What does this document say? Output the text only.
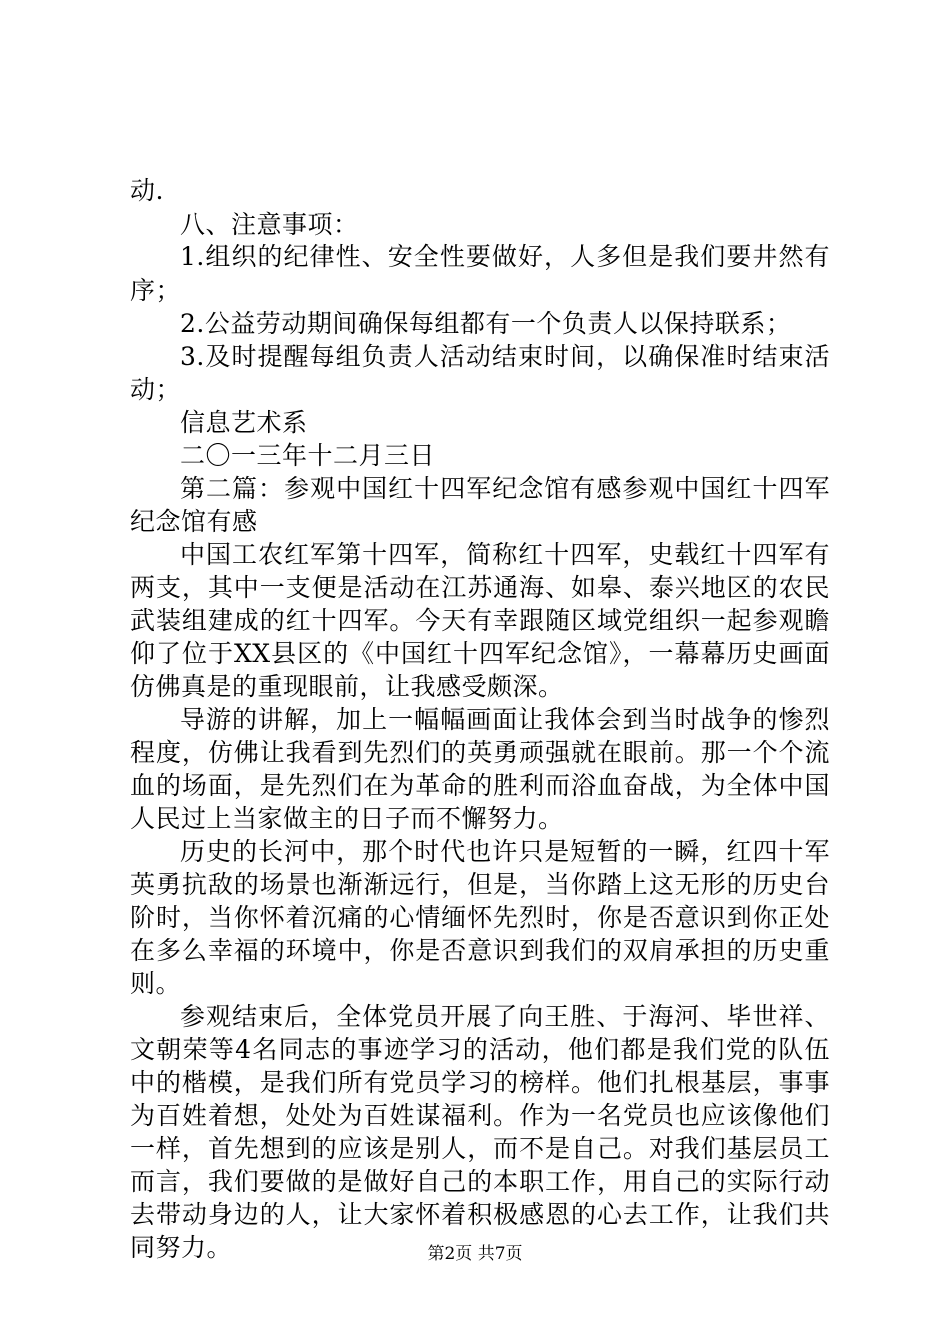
动.
八、注意事项：
1.组织的纪律性、安全性要做好，人多但是我们要井然有
序；
2.公益劳动期间确保每组都有一个负责人以保持联系；
3.及时提醒每组负责人活动结束时间，以确保准时结束活
动；
信息艺术系
二〇一三年十二月三日
第二篇：参观中国红十四军纪念馆有感参观中国红十四军
纪念馆有感
中国工农红军第十四军，简称红十四军，史载红十四军有
两支，其中一支便是活动在江苏通海、如皋、泰兴地区的农民
武装组建成的红十四军。今天有幸跟随区域党组织一起参观瞻
仰了位于XX县区的《中国红十四军纪念馆》，一幕幕历史画面
仿佛真是的重现眼前，让我感受颇深。
导游的讲解，加上一幅幅画面让我体会到当时战争的惨烈
程度，仿佛让我看到先烈们的英勇顽强就在眼前。那一个个流
血的场面，是先烈们在为革命的胜利而浴血奋战，为全体中国
人民过上当家做主的日子而不懈努力。
历史的长河中，那个时代也许只是短暂的一瞬，红四十军
英勇抗敌的场景也渐渐远行，但是，当你踏上这无形的历史台
阶时，当你怀着沉痛的心情缅怀先烈时，你是否意识到你正处
在多么幸福的环境中，你是否意识到我们的双肩承担的历史重
则。
参观结束后，全体党员开展了向王胜、于海河、毕世祥、
文朝荣等4名同志的事迹学习的活动，他们都是我们党的队伍
中的楷模，是我们所有党员学习的榜样。他们扎根基层，事事
为百姓着想，处处为百姓谋福利。作为一名党员也应该像他们
一样，首先想到的应该是别人，而不是自己。对我们基层员工
而言，我们要做的是做好自己的本职工作，用自己的实际行动
去带动身边的人，让大家怀着积极感恩的心去工作，让我们共
同努力。	第2页 共7页
